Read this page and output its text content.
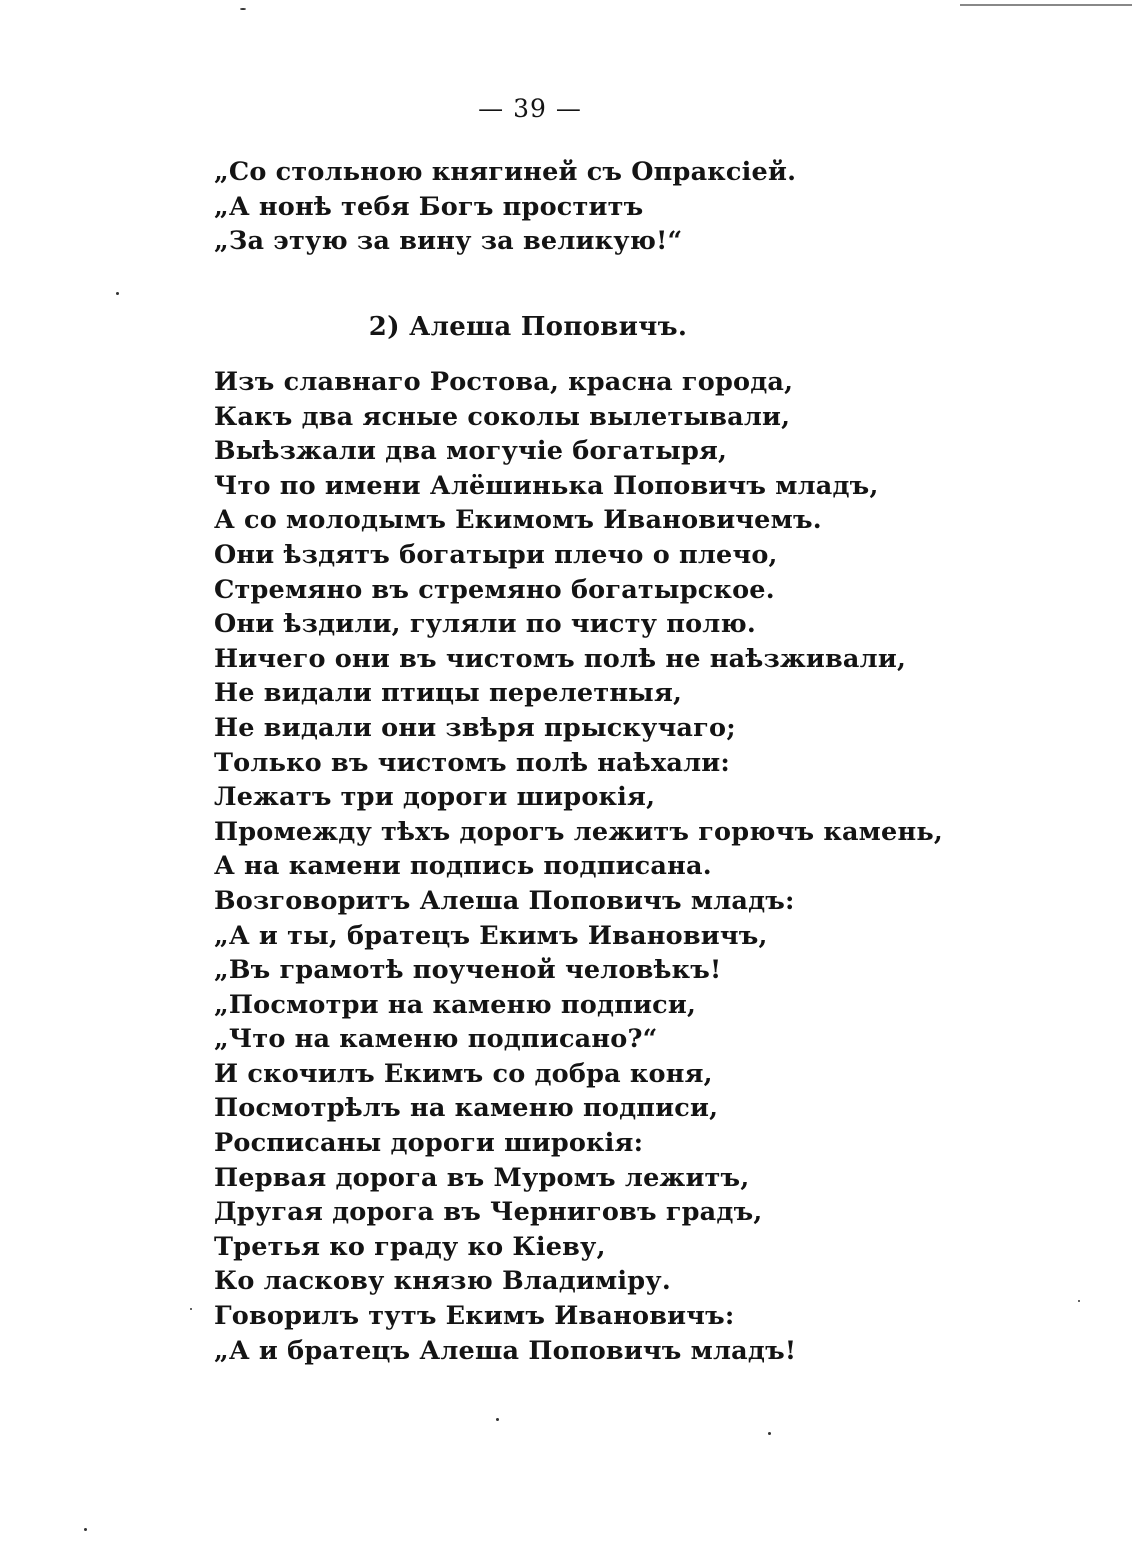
— 39 —
„Со стольною княгиней съ Опраксіей.
„А нонѣ тебя Богъ проститъ
„За этую за вину за великую!“
2) Алеша Поповичъ.
Изъ славнаго Ростова, красна города,
Какъ два ясные соколы вылетывали,
Выѣзжали два могучіе богатыря,
Что по имени Алёшинька Поповичъ младъ,
А со молодымъ Екимомъ Ивановичемъ.
Они ѣздятъ богатыри плечо о плечо,
Стремяно въ стремяно богатырское.
Они ѣздили, гуляли по чисту полю.
Ничего они въ чистомъ полѣ не наѣзживали,
Не видали птицы перелетныя,
Не видали они звѣря прыскучаго;
Только въ чистомъ полѣ наѣхали:
Лежатъ три дороги широкія,
Промежду тѣхъ дорогъ лежитъ горючъ камень,
А на камени подпись подписана.
Возговоритъ Алеша Поповичъ младъ:
„А и ты, братецъ Екимъ Ивановичъ,
„Въ грамотѣ поученой человѣкъ!
„Посмотри на каменю подписи,
„Что на каменю подписано?“
И скочилъ Екимъ со добра коня,
Посмотрѣлъ на каменю подписи,
Росписаны дороги широкія:
Первая дорога въ Муромъ лежитъ,
Другая дорога въ Черниговъ градъ,
Третья ко граду ко Кіеву,
Ко ласкову князю Владиміру.
Говорилъ тутъ Екимъ Ивановичъ:
„А и братецъ Алеша Поповичъ младъ!
